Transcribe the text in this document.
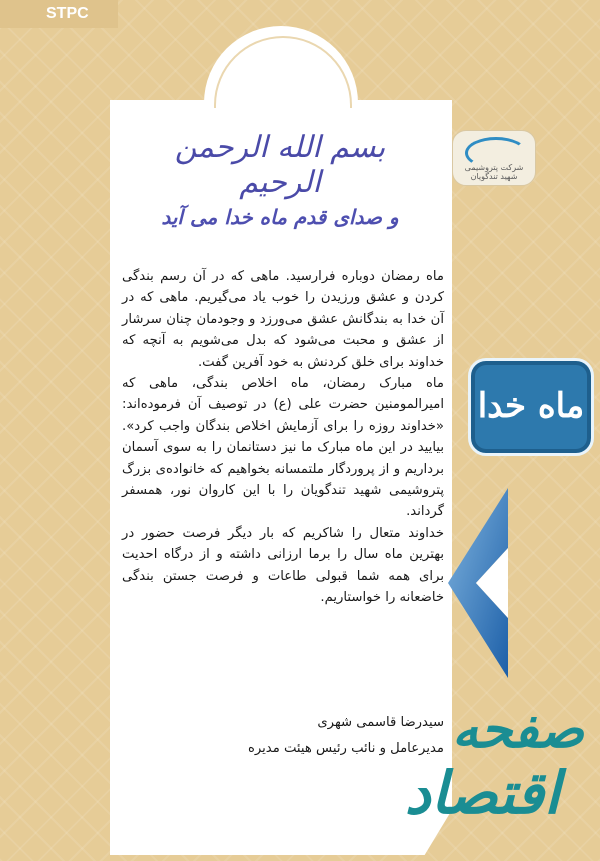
STPC
بسم الله الرحمن الرحیم
و صدای قدم ماه خدا می آید
شرکت پتروشیمی شهید تندگویان
ماه خدا

ماه رمضان دوباره فرارسید. ماهی که در آن رسم بندگی کردن و عشق ورزیدن را خوب یاد می‌گیریم. ماهی که در آن خدا به بندگانش عشق می‌ورزد و وجودمان چنان سرشار از عشق و محبت می‌شود که بدل می‌شویم به آنچه که خداوند برای خلق کردنش به خود آفرین گفت.

ماه مبارک رمضان، ماه اخلاص بندگی، ماهی که امیرالمومنین حضرت علی (ع) در توصیف آن فرموده‌اند: «خداوند روزه را برای آزمایش اخلاص بندگان واجب کرد». بیایید در این ماه مبارک ما نیز دستانمان را به سوی آسمان برداریم و از پروردگار ملتمسانه بخواهیم که خانواده‌ی بزرگ پتروشیمی شهید تندگویان را با این کاروان نور، همسفر گرداند.

خداوند متعال را شاکریم که بار دیگر فرصت حضور در بهترین ماه سال را برما ارزانی داشته و از درگاه احدیت برای همه شما قبولی طاعات و فرصت جستن بندگی خاضعانه را خواستاریم.

سیدرضا قاسمی شهری
مدیرعامل و نائب رئیس هیئت مدیره صفحه
اقتصاد
